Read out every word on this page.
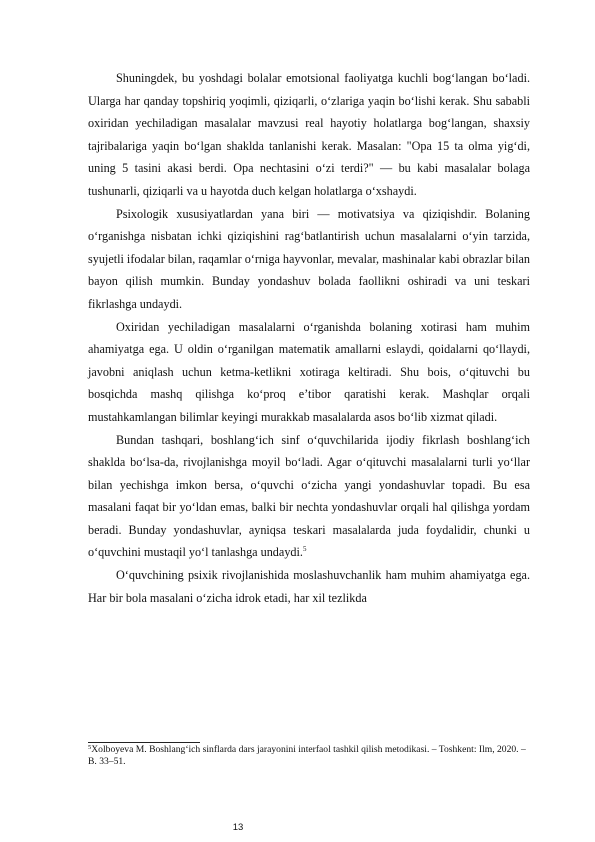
Shuningdek, bu yoshdagi bolalar emotsional faoliyatga kuchli bog‘langan bo‘ladi. Ularga har qanday topshiriq yoqimli, qiziqarli, o‘zlariga yaqin bo‘lishi kerak. Shu sababli oxiridan yechiladigan masalalar mavzusi real hayotiy holatlarga bog‘langan, shaxsiy tajribalariga yaqin bo‘lgan shaklda tanlanishi kerak. Masalan: "Opa 15 ta olma yig‘di, uning 5 tasini akasi berdi. Opa nechtasini o‘zi terdi?" — bu kabi masalalar bolaga tushunarli, qiziqarli va u hayotda duch kelgan holatlarga o‘xshaydi.

Psixologik xususiyatlardan yana biri — motivatsiya va qiziqishdir. Bolaning o‘rganishga nisbatan ichki qiziqishini rag‘batlantirish uchun masalalarni o‘yin tarzida, syujetli ifodalar bilan, raqamlar o‘rniga hayvonlar, mevalar, mashinalar kabi obrazlar bilan bayon qilish mumkin. Bunday yondashuv bolada faollikni oshiradi va uni teskari fikrlashga undaydi.

Oxiridan yechiladigan masalalarni o‘rganishda bolaning xotirasi ham muhim ahamiyatga ega. U oldin o‘rganilgan matematik amallarni eslaydi, qoidalarni qo‘llaydi, javobni aniqlash uchun ketma-ketlikni xotiraga keltiradi. Shu bois, o‘qituvchi bu bosqichda mashq qilishga ko‘proq e’tibor qaratishi kerak. Mashqlar orqali mustahkamlangan bilimlar keyingi murakkab masalalarda asos bo‘lib xizmat qiladi.

Bundan tashqari, boshlang‘ich sinf o‘quvchilarida ijodiy fikrlash boshlang‘ich shaklda bo‘lsa-da, rivojlanishga moyil bo‘ladi. Agar o‘qituvchi masalalarni turli yo‘llar bilan yechishga imkon bersa, o‘quvchi o‘zicha yangi yondashuvlar topadi. Bu esa masalani faqat bir yo‘ldan emas, balki bir nechta yondashuvlar orqali hal qilishga yordam beradi. Bunday yondashuvlar, ayniqsa teskari masalalarda juda foydalidir, chunki u o‘quvchini mustaqil yo‘l tanlashga undaydi.$^5$

O‘quvchining psixik rivojlanishida moslashuvchanlik ham muhim ahamiyatga ega. Har bir bola masalani o‘zicha idrok etadi, har xil tezlikda

$^5$Xolboyeva M. Boshlang‘ich sinflarda dars jarayonini interfaol tashkil qilish metodikasi. – Toshkent: Ilm, 2020. – B. 33–51.
13
